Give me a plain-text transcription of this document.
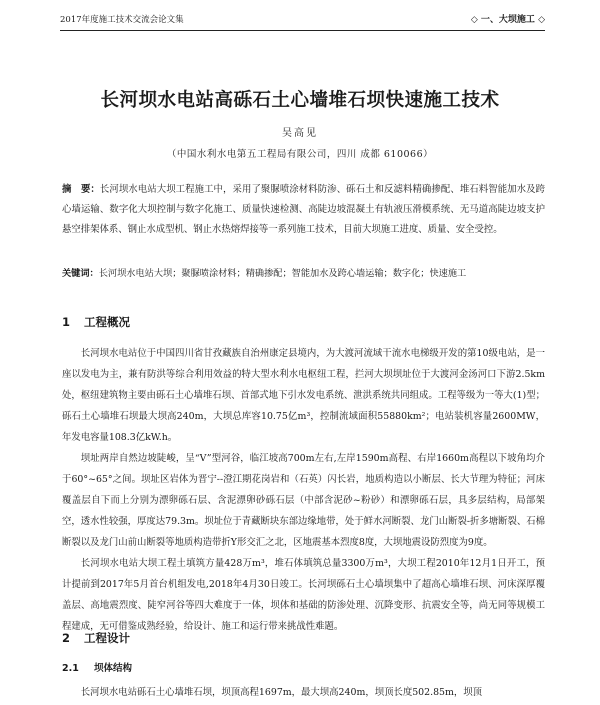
2017年度施工技术交流会论文集	◇ 一、大坝施工 ◇
长河坝水电站高砾石土心墙堆石坝快速施工技术
吴高见
（中国水利水电第五工程局有限公司，四川 成都 610066）
摘　要：长河坝水电站大坝工程施工中，采用了聚脲喷涂材料防渗、砾石土和反滤料精确掺配、堆石料智能加水及跨心墙运输、数字化大坝控制与数字化施工、质量快速检测、高陡边坡混凝土有轨液压滑模系统、无马道高陡边坡支护悬空排架体系、钢止水成型机、钢止水热熔焊接等一系列施工技术，目前大坝施工进度、质量、安全受控。
关键词：长河坝水电站大坝；聚脲喷涂材料；精确掺配；智能加水及跨心墙运输；数字化；快速施工
1 工程概况
长河坝水电站位于中国四川省甘孜藏族自治州康定县境内，为大渡河流域干流水电梯级开发的第10级电站，是一座以发电为主，兼有防洪等综合利用效益的特大型水利水电枢纽工程，拦河大坝坝址位于大渡河金汤河口下游2.5km处，枢纽建筑物主要由砾石土心墙堆石坝、首部式地下引水发电系统、泄洪系统共同组成。工程等级为一等大(1)型；砾石土心墙堆石坝最大坝高240m，大坝总库容10.75亿m³，控制流域面积55880km²；电站装机容量2600MW，年发电容量108.3亿kW.h。
坝址两岸自然边坡陡峻，呈“V”型河谷，临江坡高700m左右,左岸1590m高程、右岸1660m高程以下坡角均介于60°~65°之间。坝址区岩体为晋宁--澄江期花岗岩和（石英）闪长岩，地质构造以小断层、长大节理为特征；河床覆盖层自下而上分别为漂卵砾石层、含泥漂卵砂砾石层（中部含泥砂~粉砂）和漂卵砾石层，具多层结构，局部架空，透水性较强，厚度达79.3m。坝址位于青藏断块东部边缘地带，处于鲜水河断裂、龙门山断裂-折多塘断裂、石棉断裂以及龙门山前山断裂等地质构造带折Y形交汇之北，区地震基本烈度8度，大坝地震设防烈度为9度。
长河坝水电站大坝工程土填筑方量428万m³，堆石体填筑总量3300万m³，大坝工程2010年12月1日开工，预计提前到2017年5月首台机组发电,2018年4月30日竣工。长河坝砾石土心墙坝集中了超高心墙堆石坝、河床深厚覆盖层、高地震烈度、陡窄河谷等四大难度于一体，坝体和基础的防渗处理、沉降变形、抗震安全等，尚无同等规模工程建成，无可借鉴成熟经验，给设计、施工和运行带来挑战性难题。
2 工程设计
2.1 坝体结构
长河坝水电站砾石土心墙堆石坝，坝顶高程1697m，最大坝高240m，坝顶长度502.85m，坝顶
